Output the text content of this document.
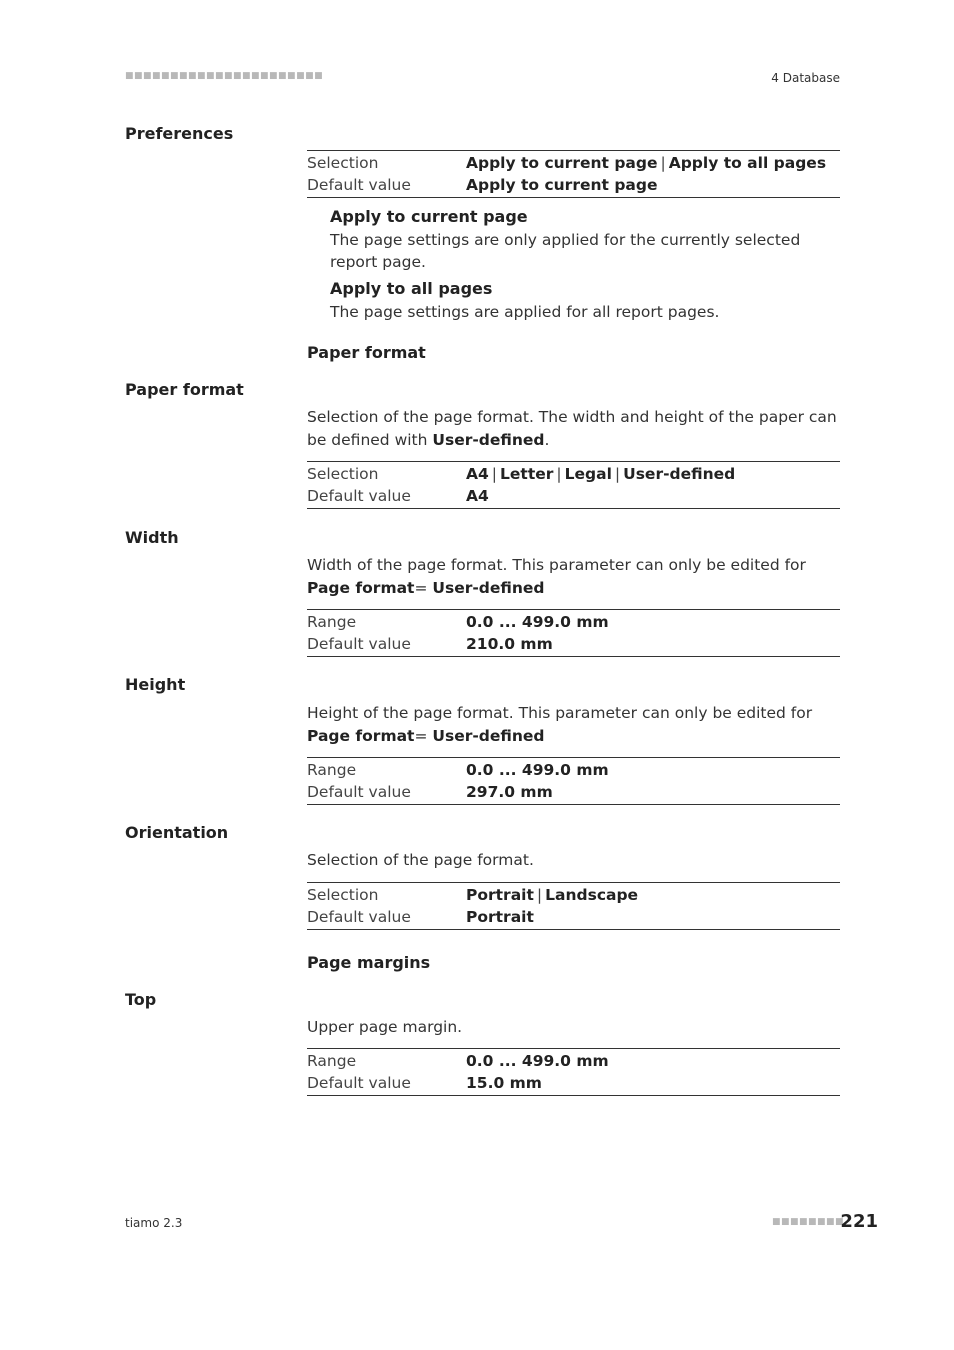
■■■■■■■■■■■■■■■■■■■■■■	4 Database
Preferences
Selection	Apply to current page | Apply to all pages
Default value	Apply to current page
Apply to current page
The page settings are only applied for the currently selected report page.
Apply to all pages
The page settings are applied for all report pages.
Paper format
Paper format
Selection of the page format. The width and height of the paper can be defined with User-defined.
Selection	A4 | Letter | Legal | User-defined
Default value	A4
Width
Width of the page format. This parameter can only be edited for Page format= User-defined
Range	0.0 ... 499.0 mm
Default value	210.0 mm
Height
Height of the page format. This parameter can only be edited for Page format= User-defined
Range	0.0 ... 499.0 mm
Default value	297.0 mm
Orientation
Selection of the page format.
Selection	Portrait | Landscape
Default value	Portrait
Page margins
Top
Upper page margin.
Range	0.0 ... 499.0 mm
Default value	15.0 mm
tiamo 2.3	■■■■■■■■
221
